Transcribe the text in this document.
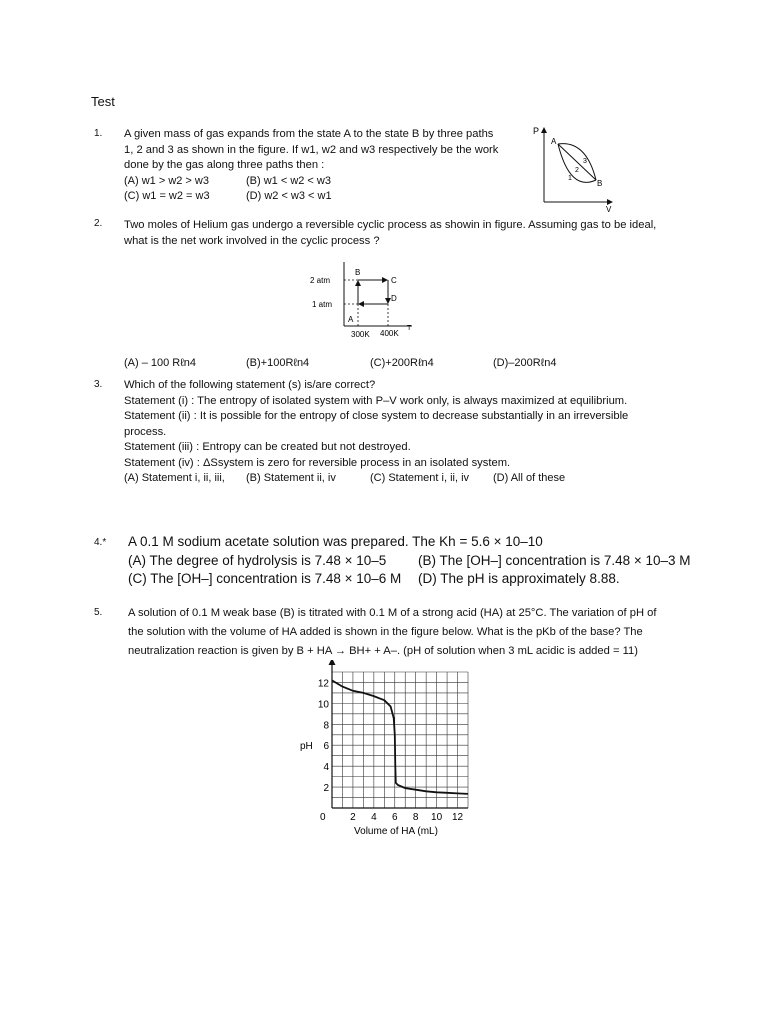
Test
1. A given mass of gas expands from the state A to the state B by three paths
1, 2 and 3 as shown in the figure. If w1, w2 and w3 respectively be the work
done by the gas along three paths then :
(A) w1 > w2 > w3	(B) w1 < w2 < w3
(C) w1 = w2 = w3	(D) w2 < w3 < w1
P
V
A
B
1
2
3
2. Two moles of Helium gas undergo a reversible cyclic process as showin in figure. Assuming gas to be ideal,
what is the net work involved in the cyclic process ?
2 atm
1 atm
300K 400K
T
A
B
C
D
(A) – 100 Rℓn4	(B)+100Rℓn4	(C)+200Rℓn4	(D)–200Rℓn4
3. Which of the following statement (s) is/are correct?
Statement (i) : The entropy of isolated system with P–V work only, is always maximized at equilibrium.
Statement (ii) : It is possible for the entropy of close system to decrease substantially in an irreversible
process.
Statement (iii) : Entropy can be created but not destroyed.
Statement (iv) : ΔSsystem is zero for reversible process in an isolated system.
(A) Statement i, ii, iii, (B) Statement ii, iv	(C) Statement i, ii, iv (D) All of these
4.* A 0.1 M sodium acetate solution was prepared. The Kh = 5.6 × 10–10
(A) The degree of hydrolysis is 7.48 × 10–5 (B) The [OH–] concentration is 7.48 × 10–3 M
(C) The [OH–] concentration is 7.48 × 10–6 M (D) The pH is approximately 8.88.
5. A solution of 0.1 M weak base (B) is titrated with 0.1 M of a strong acid (HA) at 25°C. The variation of pH of the solution with the volume of HA added is shown in the figure below. What is the pKb of the base? The neutralization reaction is given by B + HA → BH+ + A–. (pH of solution when 3 mL acidic is added = 11)
2
4
6
8
10
12
2 4 6 8 10 12
pH
Volume of HA (mL)
0
